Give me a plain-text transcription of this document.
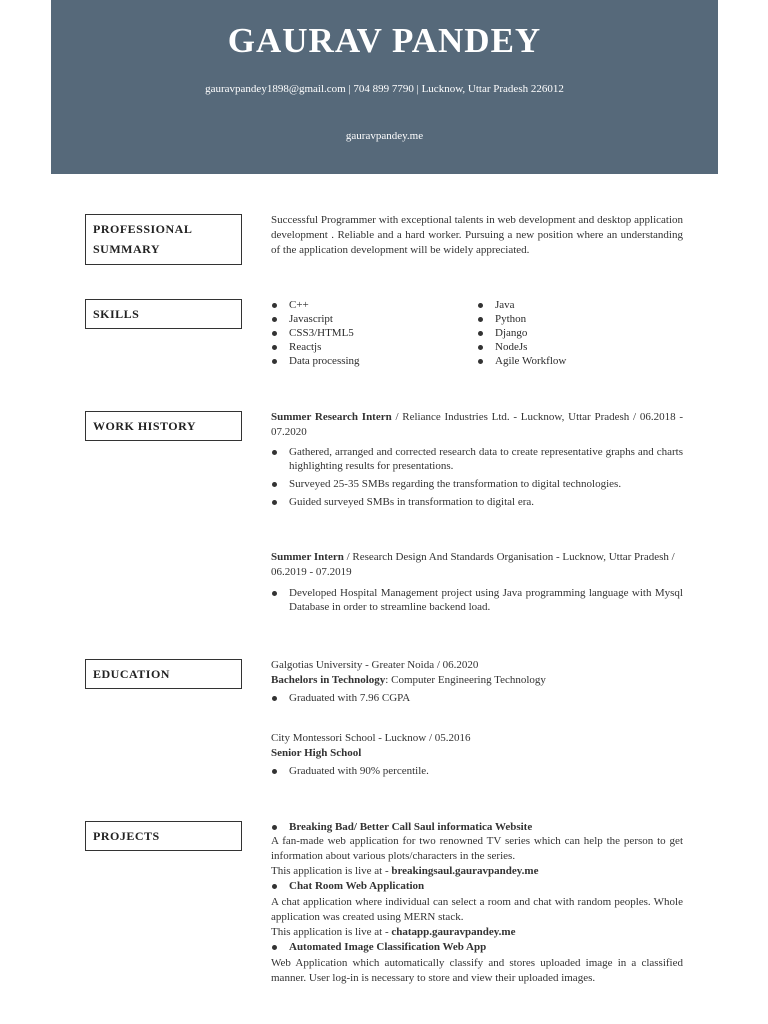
GAURAV PANDEY
gauravpandey1898@gmail.com | 704 899 7790 | Lucknow, Uttar Pradesh 226012
gauravpandey.me
PROFESSIONAL
SUMMARY
Successful Programmer with exceptional talents in web development and desktop application development . Reliable and a hard worker. Pursuing a new position where an understanding of the application development will be widely appreciated.
SKILLS
C++
Javascript
CSS3/HTML5
Reactjs
Data processing
Java
Python
Django
NodeJs
Agile Workflow
WORK HISTORY
Summer Research Intern / Reliance Industries Ltd. - Lucknow, Uttar Pradesh / 06.2018 - 07.2020
Gathered, arranged and corrected research data to create representative graphs and charts highlighting results for presentations.
Surveyed 25-35 SMBs regarding the transformation to digital technologies.
Guided surveyed SMBs in transformation to digital era.
Summer Intern / Research Design And Standards Organisation - Lucknow, Uttar Pradesh / 06.2019 - 07.2019
Developed Hospital Management project using Java programming language with Mysql Database in order to streamline backend load.
EDUCATION
Galgotias University - Greater Noida / 06.2020
Bachelors in Technology: Computer Engineering Technology
Graduated with 7.96 CGPA
City Montessori School - Lucknow / 05.2016
Senior High School
Graduated with 90% percentile.
PROJECTS
Breaking Bad/ Better Call Saul informatica Website
A fan-made web application for two renowned TV series which can help the person to get information about various plots/characters in the series.
This application is live at - breakingsaul.gauravpandey.me
Chat Room Web Application
A chat application where individual can select a room and chat with random peoples. Whole application was created using MERN stack.
This application is live at - chatapp.gauravpandey.me
Automated Image Classification Web App
Web Application which automatically classify and stores uploaded image in a classified manner. User log-in is necessary to store and view their uploaded images.
